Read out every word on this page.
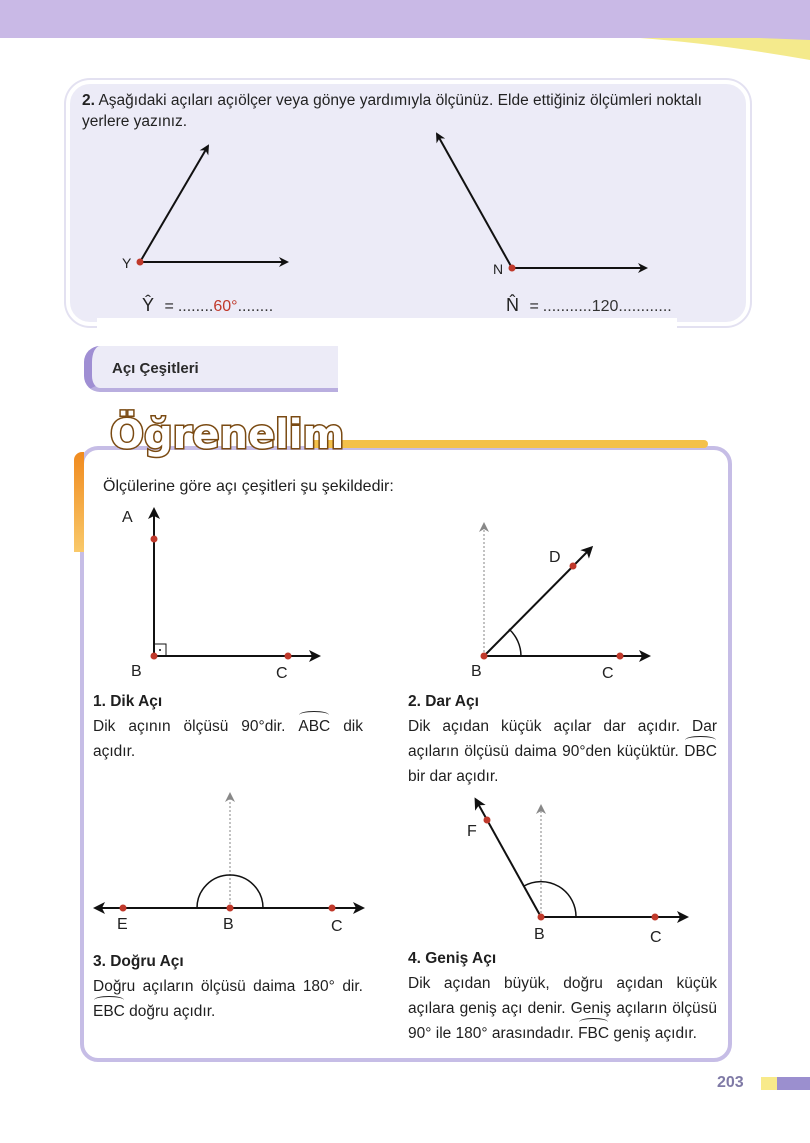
2. Aşağıdaki açıları açıölçer veya gönye yardımıyla ölçünüz. Elde ettiğiniz ölçümleri noktalı yerlere yazınız.
Y	N
Ŷ = ........60°........	N̂ = ...........120............
Açı Çeşitleri
Öğrenelim
Ölçülerine göre açı çeşitleri şu şekildedir:
A
B	C
D
B	C
E	B	C
F
B	C
1. Dik Açı
Dik açının ölçüsü 90°dir. ABC dik açıdır.
2. Dar Açı
Dik açıdan küçük açılar dar açıdır. Dar açıların ölçüsü daima 90°den küçüktür. DBC bir dar açıdır.
3. Doğru Açı
Doğru açıların ölçüsü daima 180° dir. EBC doğru açıdır.
4. Geniş Açı
Dik açıdan büyük, doğru açıdan küçük açılara geniş açı denir. Geniş açıların ölçüsü 90° ile 180° arasındadır. FBC geniş açıdır.
203
